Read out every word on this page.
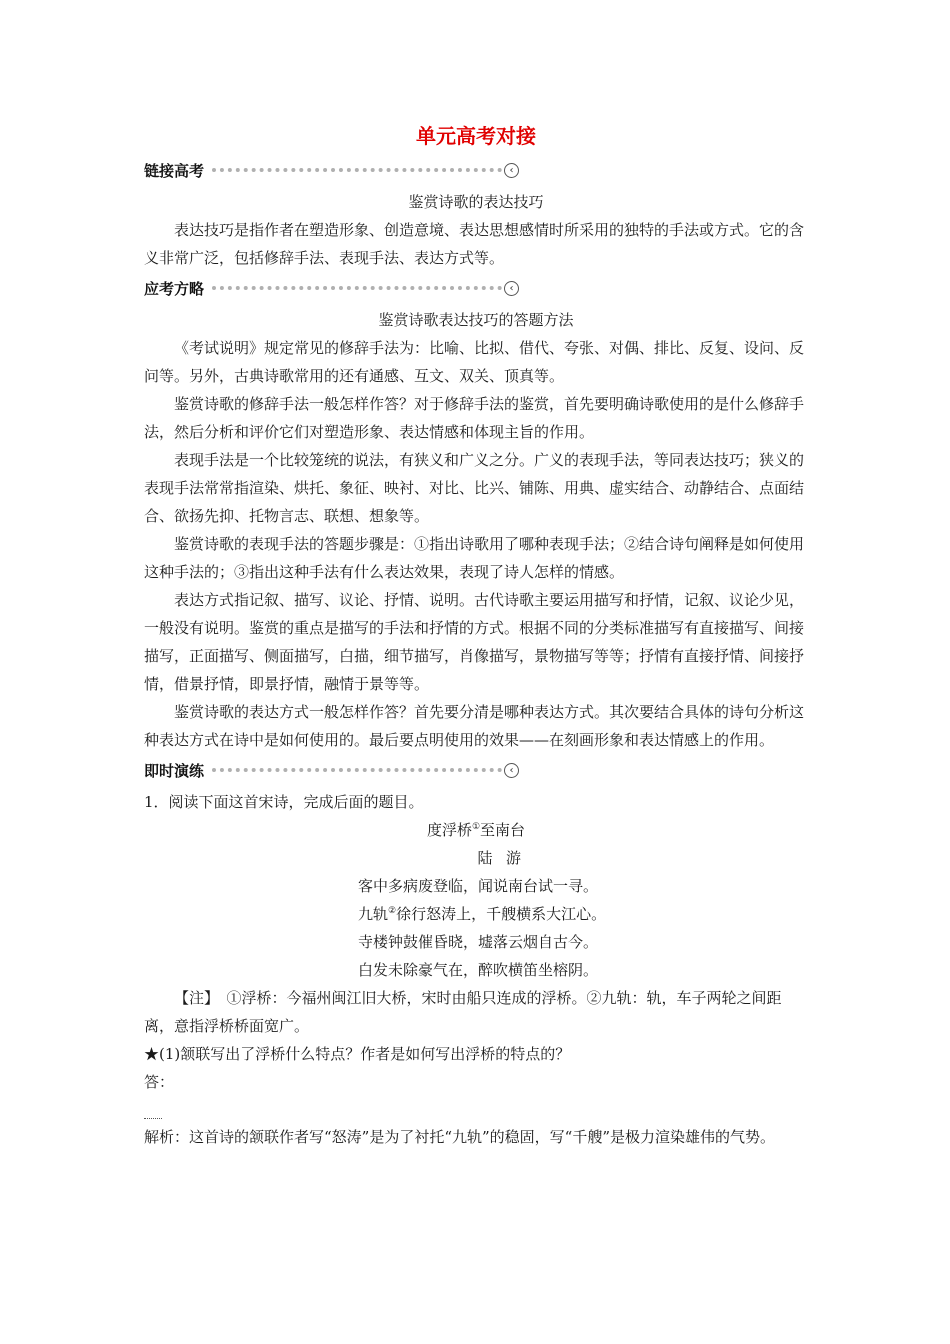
单元高考对接
链接高考	‹
鉴赏诗歌的表达技巧

表达技巧是指作者在塑造形象、创造意境、表达思想感情时所采用的独特的手法或方式。它的含义非常广泛，包括修辞手法、表现手法、表达方式等。

应考方略	‹
鉴赏诗歌表达技巧的答题方法

《考试说明》规定常见的修辞手法为：比喻、比拟、借代、夸张、对偶、排比、反复、设问、反问等。另外，古典诗歌常用的还有通感、互文、双关、顶真等。

鉴赏诗歌的修辞手法一般怎样作答？对于修辞手法的鉴赏，首先要明确诗歌使用的是什么修辞手法，然后分析和评价它们对塑造形象、表达情感和体现主旨的作用。

表现手法是一个比较笼统的说法，有狭义和广义之分。广义的表现手法，等同表达技巧；狭义的表现手法常常指渲染、烘托、象征、映衬、对比、比兴、铺陈、用典、虚实结合、动静结合、点面结合、欲扬先抑、托物言志、联想、想象等。

鉴赏诗歌的表现手法的答题步骤是：①指出诗歌用了哪种表现手法；②结合诗句阐释是如何使用这种手法的；③指出这种手法有什么表达效果，表现了诗人怎样的情感。

表达方式指记叙、描写、议论、抒情、说明。古代诗歌主要运用描写和抒情，记叙、议论少见，一般没有说明。鉴赏的重点是描写的手法和抒情的方式。根据不同的分类标准描写有直接描写、间接描写，正面描写、侧面描写，白描，细节描写，肖像描写，景物描写等等；抒情有直接抒情、间接抒情，借景抒情，即景抒情，融情于景等等。

鉴赏诗歌的表达方式一般怎样作答？首先要分清是哪种表达方式。其次要结合具体的诗句分析这种表达方式在诗中是如何使用的。最后要点明使用的效果——在刻画形象和表达情感上的作用。

即时演练	‹

1．阅读下面这首宋诗，完成后面的题目。

度浮桥①至南台

陆游

客中多病废登临，闻说南台试一寻。

九轨②徐行怒涛上，千艘横系大江心。

寺楼钟鼓催昏晓，墟落云烟自古今。

白发未除豪气在，醉吹横笛坐榕阴。

【注】　①浮桥：今福州闽江旧大桥，宋时由船只连成的浮桥。②九轨：轨，车子两轮之间距离，意指浮桥桥面宽广。

★(1)颔联写出了浮桥什么特点？作者是如何写出浮桥的特点的？

答：

解析：这首诗的颔联作者写“怒涛”是为了衬托“九轨”的稳固，写“千艘”是极力渲染雄伟的气势。
